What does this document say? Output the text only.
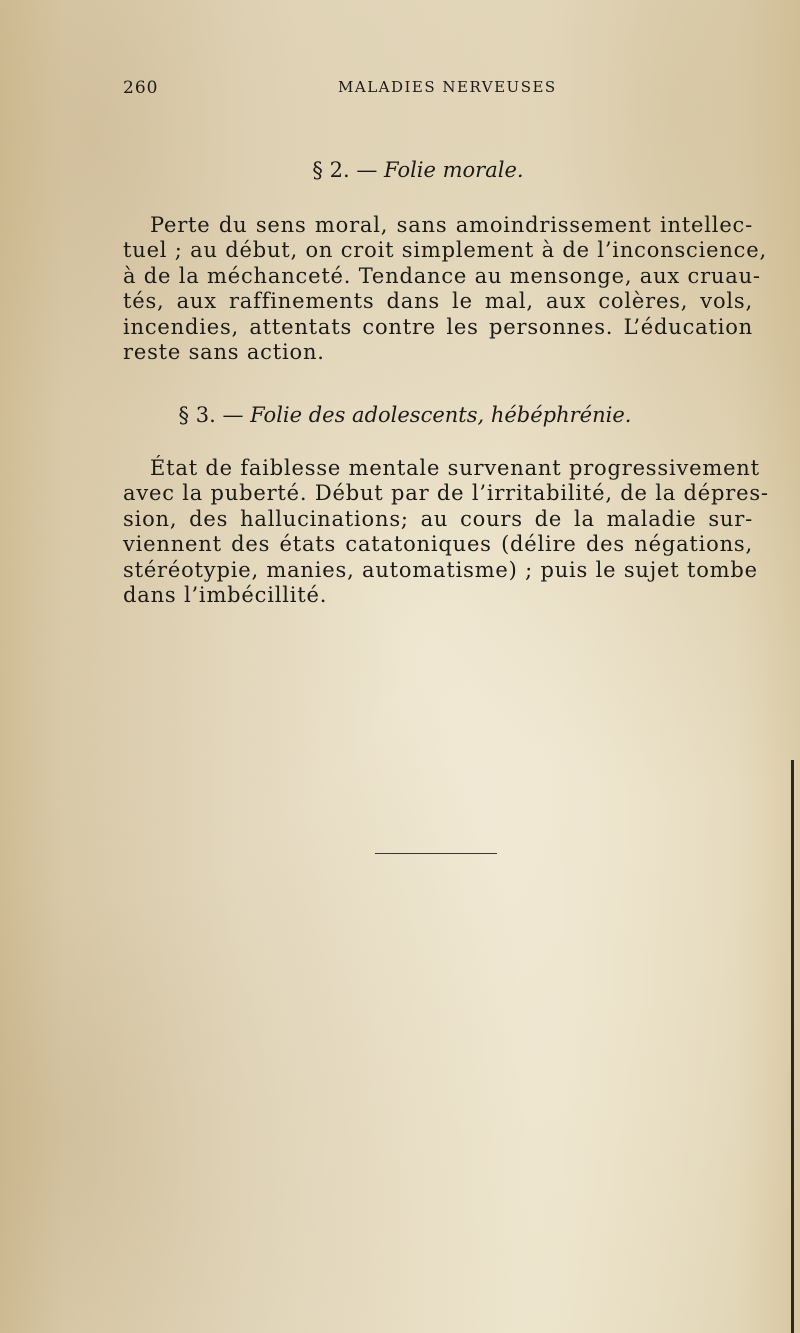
260	MALADIES NERVEUSES
§ 2. — Folie morale.
Perte du sens moral, sans amoindrissement intellec-
tuel ; au début, on croit simplement à de l’inconscience,
à de la méchanceté. Tendance au mensonge, aux cruau-
tés, aux raffinements dans le mal, aux colères, vols,
incendies, attentats contre les personnes. L’éducation
reste sans action.
§ 3. — Folie des adolescents, hébéphrénie.
État de faiblesse mentale survenant progressivement
avec la puberté. Début par de l’irritabilité, de la dépres-
sion, des hallucinations; au cours de la maladie sur-
viennent des états catatoniques (délire des négations,
stéréotypie, manies, automatisme) ; puis le sujet tombe
dans l’imbécillité.
